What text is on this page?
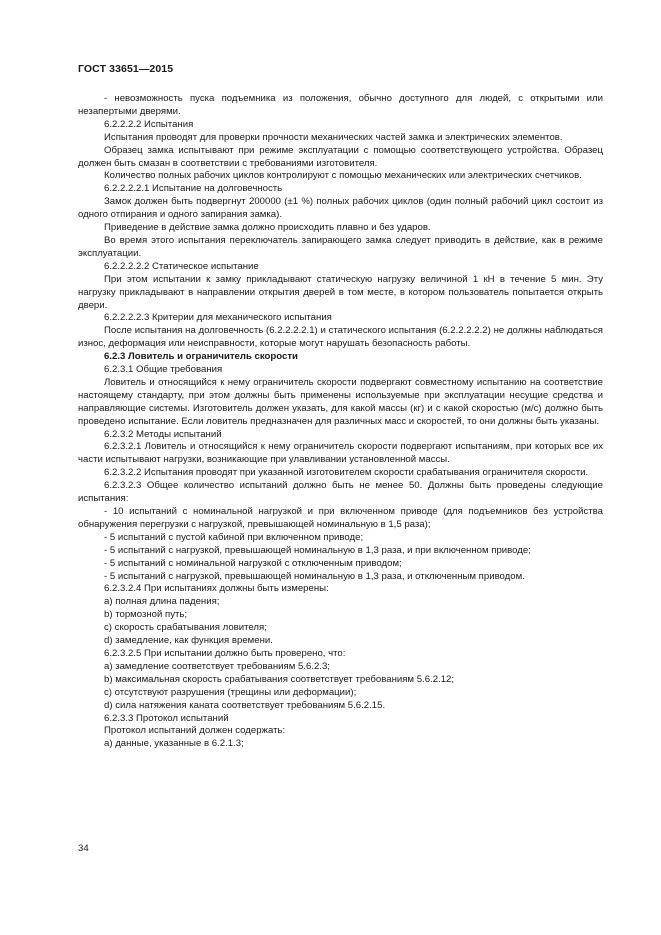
ГОСТ 33651—2015

- невозможность пуска подъемника из положения, обычно доступного для людей, с открытыми или незапертыми дверями.

6.2.2.2.2 Испытания

Испытания проводят для проверки прочности механических частей замка и электрических элементов.

Образец замка испытывают при режиме эксплуатации с помощью соответствующего устройства. Образец должен быть смазан в соответствии с требованиями изготовителя.

Количество полных рабочих циклов контролируют с помощью механических или электрических счетчиков.

6.2.2.2.2.1 Испытание на долговечность

Замок должен быть подвергнут 200000 (±1 %) полных рабочих циклов (один полный рабочий цикл состоит из одного отпирания и одного запирания замка).

Приведение в действие замка должно происходить плавно и без ударов.

Во время этого испытания переключатель запирающего замка следует приводить в действие, как в режиме эксплуатации.

6.2.2.2.2.2 Статическое испытание

При этом испытании к замку прикладывают статическую нагрузку величиной 1 кН в течение 5 мин. Эту нагрузку прикладывают в направлении открытия дверей в том месте, в котором пользователь попытается открыть двери.

6.2.2.2.2.3 Критерии для механического испытания

После испытания на долговечность (6.2.2.2.2.1) и статического испытания (6.2.2.2.2.2) не должны наблюдаться износ, деформация или неисправности, которые могут нарушать безопасность работы.

6.2.3 Ловитель и ограничитель скорости

6.2.3.1 Общие требования

Ловитель и относящийся к нему ограничитель скорости подвергают совместному испытанию на соответствие настоящему стандарту, при этом должны быть применены используемые при эксплуатации несущие средства и направляющие системы. Изготовитель должен указать, для какой массы (кг) и с какой скоростью (м/с) должно быть проведено испытание. Если ловитель предназначен для различных масс и скоростей, то они должны быть указаны.

6.2.3.2 Методы испытаний

6.2.3.2.1 Ловитель и относящийся к нему ограничитель скорости подвергают испытаниям, при которых все их части испытывают нагрузки, возникающие при улавливании установленной массы.

6.2.3.2.2 Испытания проводят при указанной изготовителем скорости срабатывания ограничителя скорости.

6.2.3.2.3 Общее количество испытаний должно быть не менее 50. Должны быть проведены следующие испытания:

- 10 испытаний с номинальной нагрузкой и при включенном приводе (для подъемников без устройства обнаружения перегрузки с нагрузкой, превышающей номинальную в 1,5 раза);

- 5 испытаний с пустой кабиной при включенном приводе;

- 5 испытаний с нагрузкой, превышающей номинальную в 1,3 раза, и при включенном приводе;

- 5 испытаний с номинальной нагрузкой с отключенным приводом;

- 5 испытаний с нагрузкой, превышающей номинальную в 1,3 раза, и отключенным приводом.

6.2.3.2.4 При испытаниях должны быть измерены:

a) полная длина падения;

b) тормозной путь;

c) скорость срабатывания ловителя;

d) замедление, как функция времени.

6.2.3.2.5 При испытании должно быть проверено, что:

a) замедление соответствует требованиям 5.6.2.3;

b) максимальная скорость срабатывания соответствует требованиям 5.6.2.12;

c) отсутствуют разрушения (трещины или деформации);

d) сила натяжения каната соответствует требованиям 5.6.2.15.

6.2.3.3 Протокол испытаний

Протокол испытаний должен содержать:

a) данные, указанные в 6.2.1.3;

34
